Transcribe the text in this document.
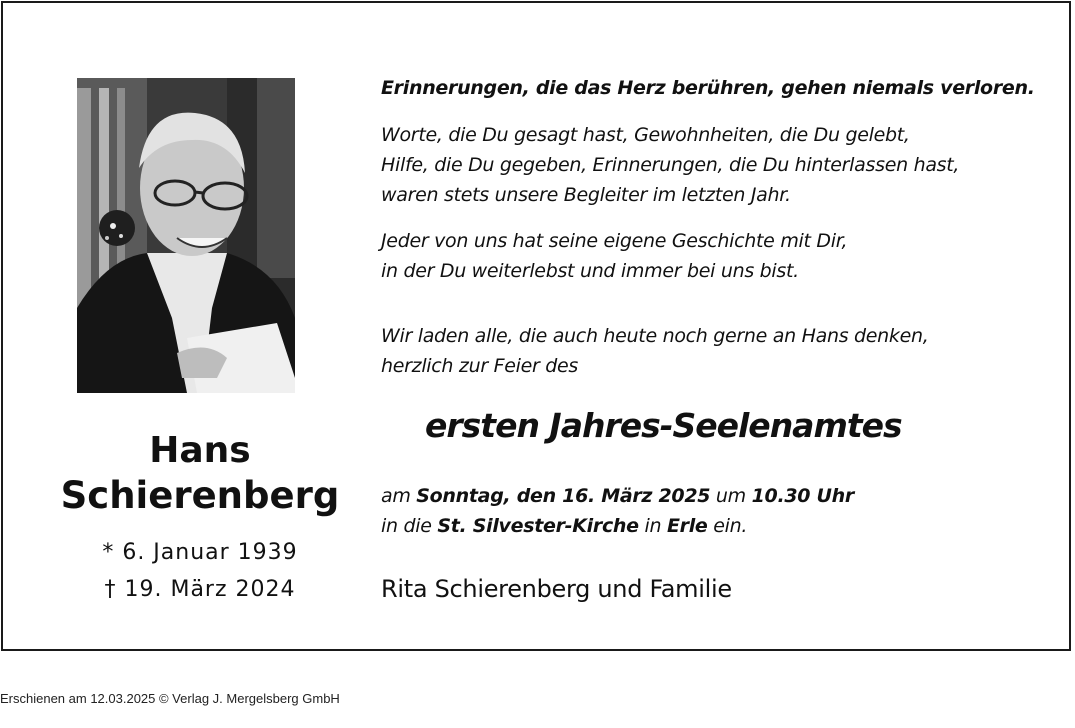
Hans
Schierenberg
* 6. Januar 1939
† 19. März 2024
Erinnerungen, die das Herz berühren, gehen niemals verloren.
Worte, die Du gesagt hast, Gewohnheiten, die Du gelebt,
Hilfe, die Du gegeben, Erinnerungen, die Du hinterlassen hast,
waren stets unsere Begleiter im letzten Jahr.
Jeder von uns hat seine eigene Geschichte mit Dir,
in der Du weiterlebst und immer bei uns bist.
Wir laden alle, die auch heute noch gerne an Hans denken,
herzlich zur Feier des
ersten Jahres-Seelenamtes
am Sonntag, den 16. März 2025 um 10.30 Uhr
in die St. Silvester-Kirche in Erle ein.
Rita Schierenberg und Familie
Erschienen am 12.03.2025 © Verlag J. Mergelsberg GmbH
